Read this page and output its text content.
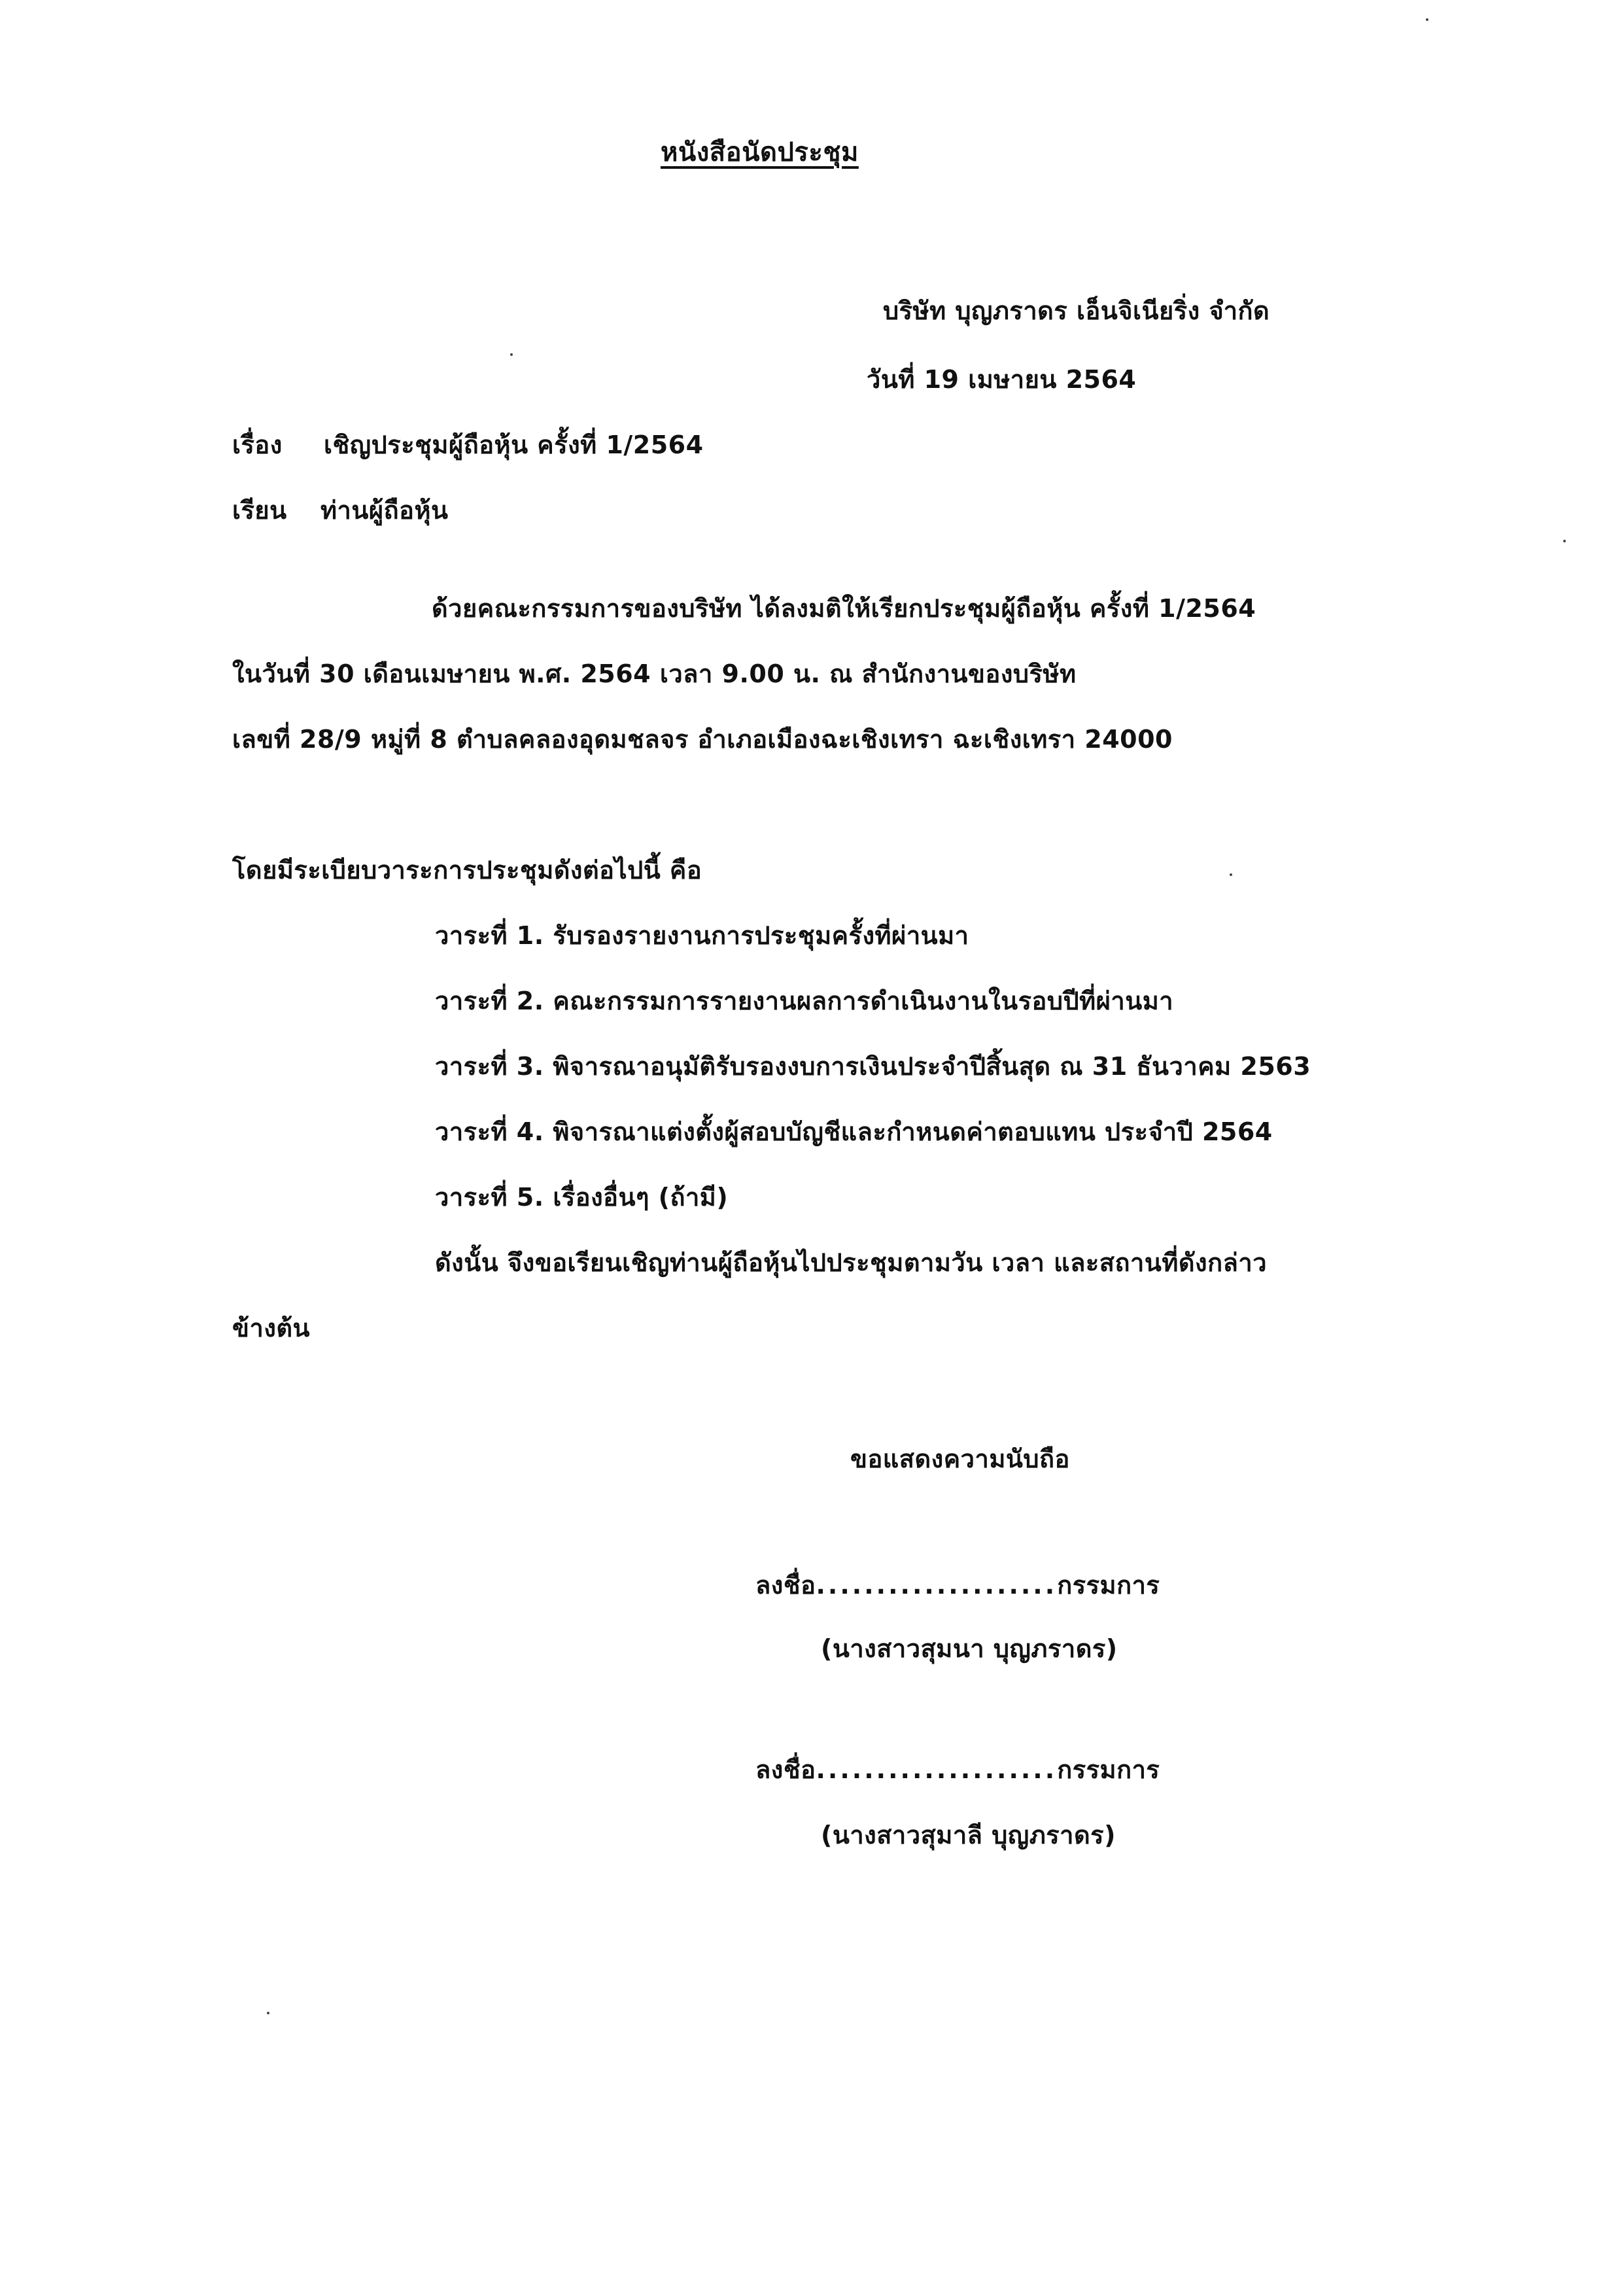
หนังสือนัดประชุม
บริษัท บุญภราดร เอ็นจิเนียริ่ง จำกัด
วันที่ 19 เมษายน 2564
เรื่อง เชิญประชุมผู้ถือหุ้น ครั้งที่ 1/2564
เรียน ท่านผู้ถือหุ้น
ด้วยคณะกรรมการของบริษัท ได้ลงมติให้เรียกประชุมผู้ถือหุ้น ครั้งที่ 1/2564
ในวันที่ 30 เดือนเมษายน พ.ศ. 2564 เวลา 9.00 น. ณ สำนักงานของบริษัท
เลขที่ 28/9 หมู่ที่ 8 ตำบลคลองอุดมชลจร อำเภอเมืองฉะเชิงเทรา ฉะเชิงเทรา 24000
โดยมีระเบียบวาระการประชุมดังต่อไปนี้ คือ
วาระที่ 1. รับรองรายงานการประชุมครั้งที่ผ่านมา
วาระที่ 2. คณะกรรมการรายงานผลการดำเนินงานในรอบปีที่ผ่านมา
วาระที่ 3. พิจารณาอนุมัติรับรองงบการเงินประจำปีสิ้นสุด ณ 31 ธันวาคม 2563
วาระที่ 4. พิจารณาแต่งตั้งผู้สอบบัญชีและกำหนดค่าตอบแทน ประจำปี 2564
วาระที่ 5. เรื่องอื่นๆ (ถ้ามี)
ดังนั้น จึงขอเรียนเชิญท่านผู้ถือหุ้นไปประชุมตามวัน เวลา และสถานที่ดังกล่าว
ข้างต้น
ขอแสดงความนับถือ
ลงชื่อ....................กรรมการ
(นางสาวสุมนา บุญภราดร)
ลงชื่อ....................กรรมการ
(นางสาวสุมาลี บุญภราดร)
